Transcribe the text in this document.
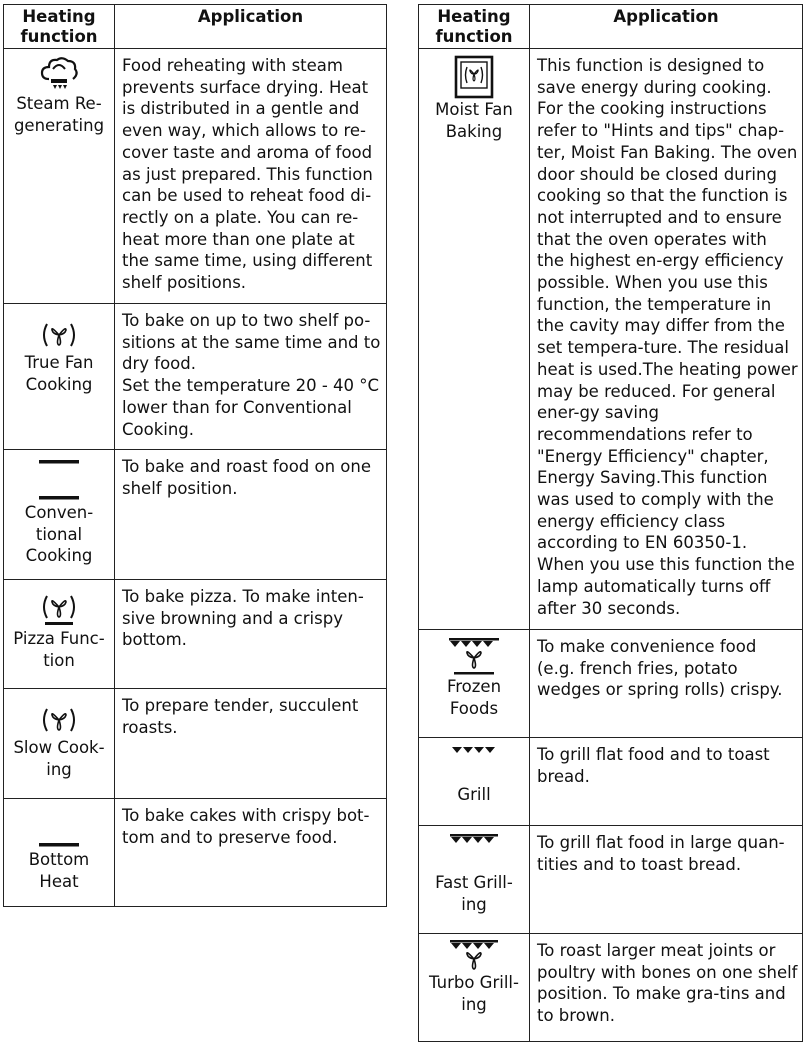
Heating
function	Application

Steam Re-
generating	Food reheating with steam prevents surface drying. Heat is distributed in a gentle and even way, which allows to re-cover taste and aroma of food as just prepared. This function can be used to reheat food di-rectly on a plate. You can re-heat more than one plate at the same time, using different shelf positions.

True Fan
Cooking	To bake on up to two shelf po-sitions at the same time and to dry food.
Set the temperature 20 - 40 °C lower than for Conventional Cooking.

Conven-
tional
Cooking	To bake and roast food on one shelf position.

Pizza Func-
tion	To bake pizza. To make inten-sive browning and a crispy bottom.

Slow Cook-
ing	To prepare tender, succulent roasts.

Bottom
Heat	To bake cakes with crispy bot-tom and to preserve food.
Heating
function	Application

Moist Fan
Baking	This function is designed to save energy during cooking. For the cooking instructions refer to "Hints and tips" chap-ter, Moist Fan Baking. The oven door should be closed during cooking so that the function is not interrupted and to ensure that the oven operates with the highest en-ergy efficiency possible. When you use this function, the temperature in the cavity may differ from the set tempera-ture. The residual heat is used.The heating power may be reduced. For general ener-gy saving recommendations refer to "Energy Efficiency" chapter, Energy Saving.This function was used to comply with the energy efficiency class according to EN 60350-1. When you use this function the lamp automatically turns off after 30 seconds.

Frozen
Foods	To make convenience food (e.g. french fries, potato wedges or spring rolls) crispy.

Grill	To grill flat food and to toast bread.

Fast Grill-
ing	To grill flat food in large quan-tities and to toast bread.

Turbo Grill-
ing	To roast larger meat joints or poultry with bones on one shelf position. To make gra-tins and to brown.
